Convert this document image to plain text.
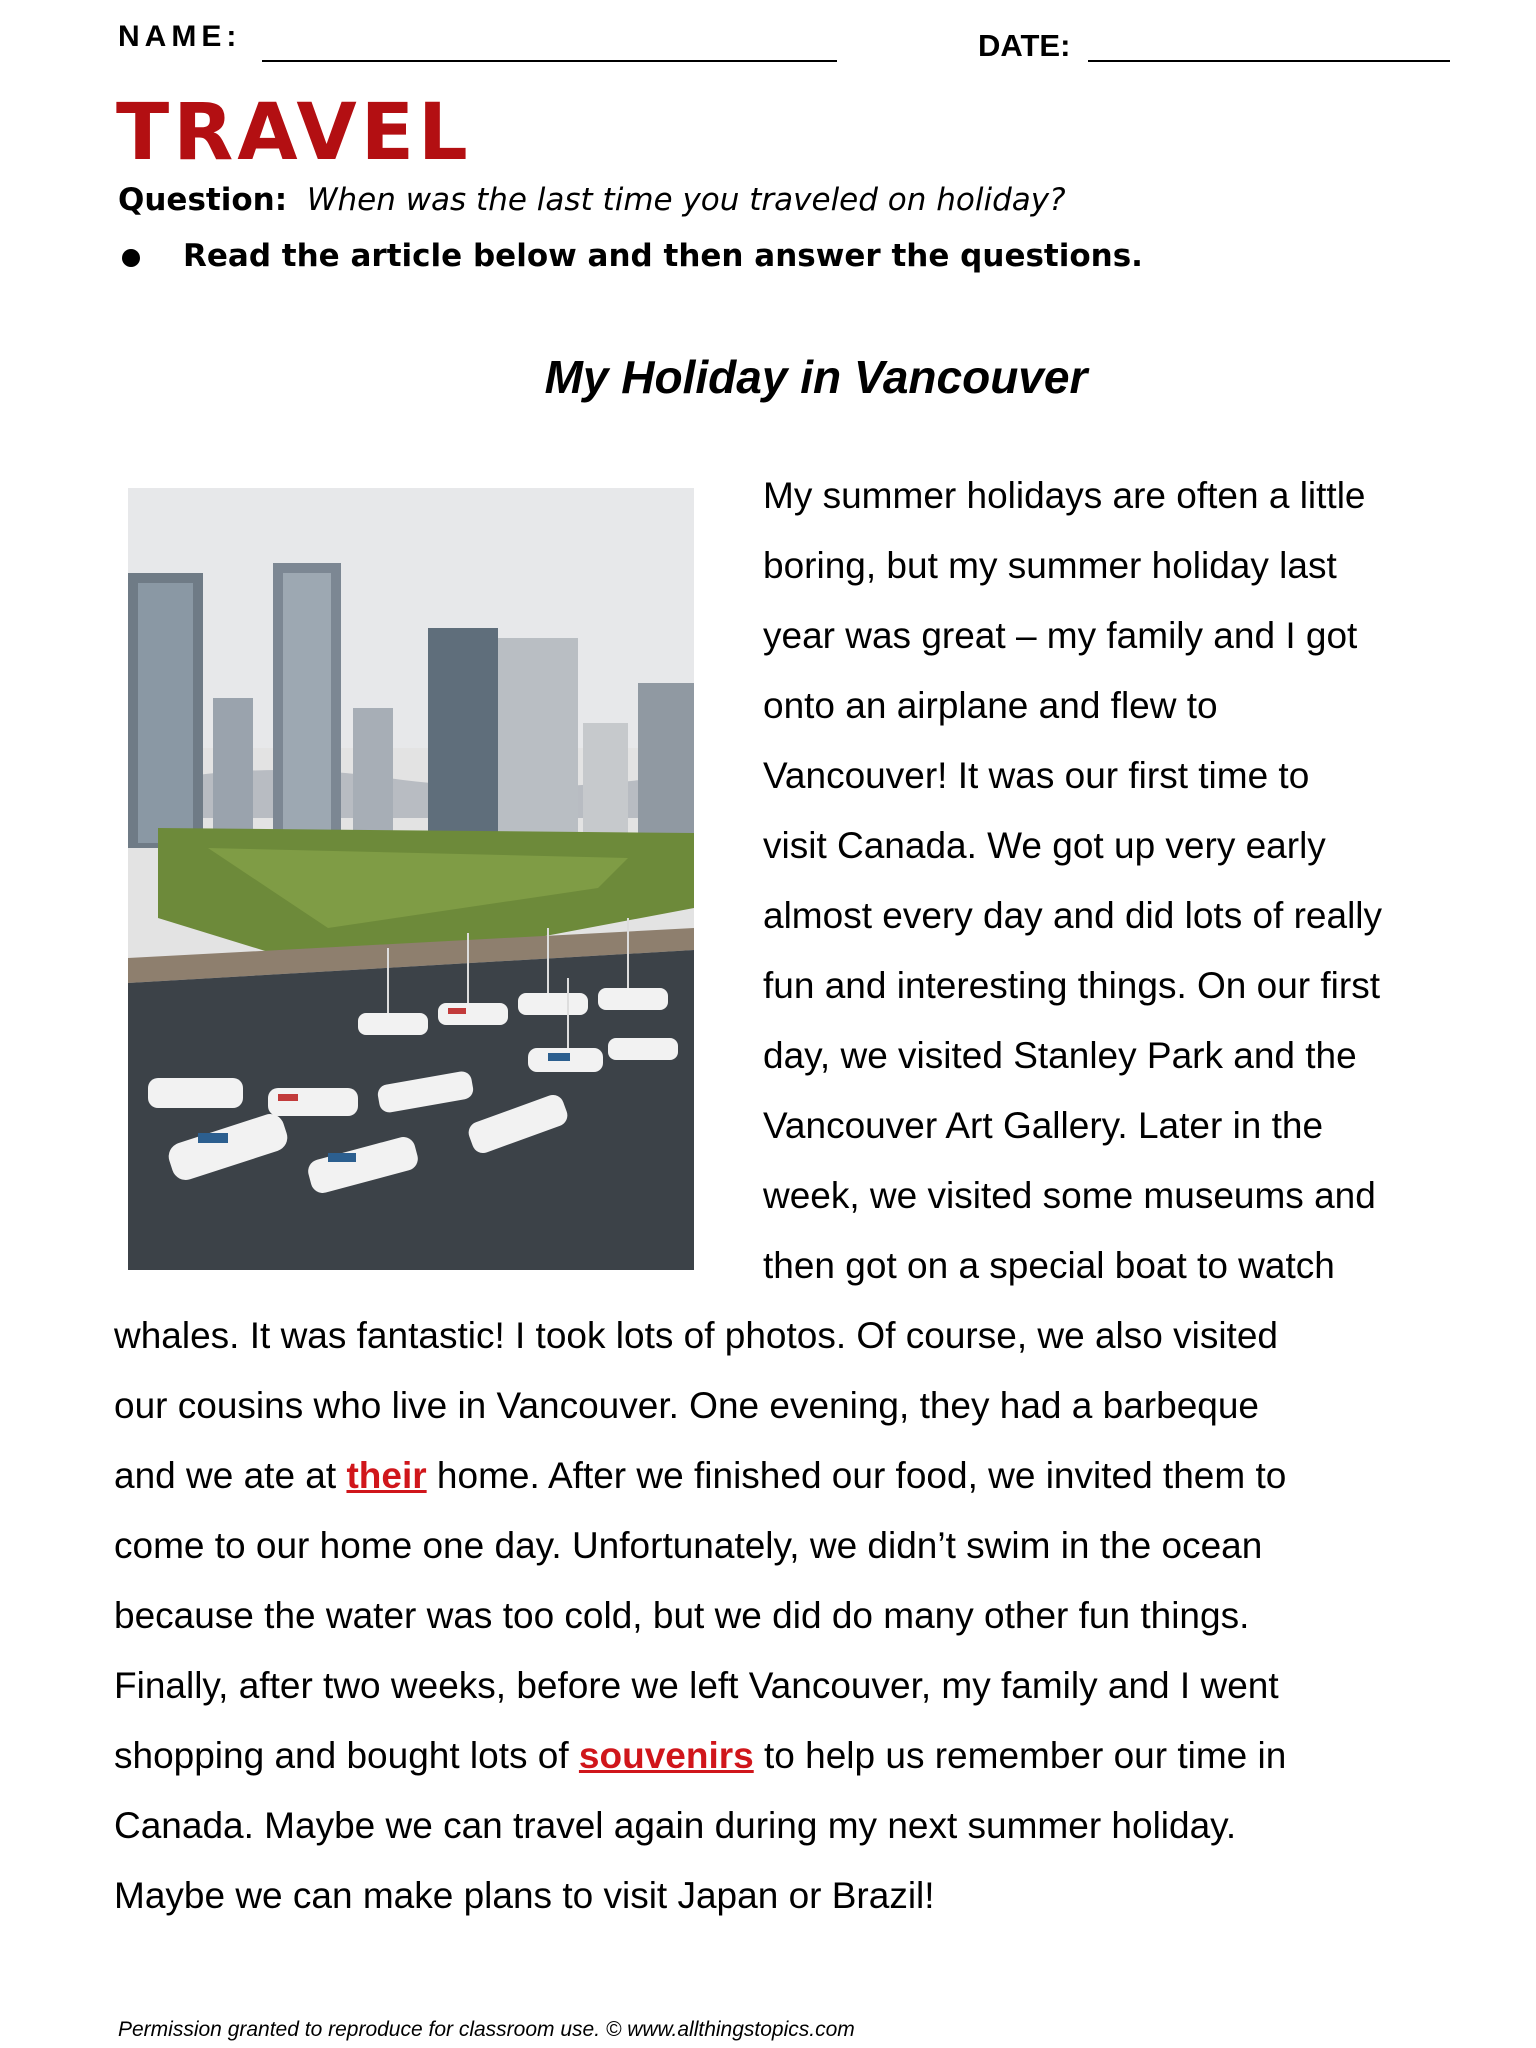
NAME:	DATE:
TRAVEL
Question: When was the last time you traveled on holiday?
Read the article below and then answer the questions.
My Holiday in Vancouver
My summer holidays are often a little
boring, but my summer holiday last
year was great – my family and I got
onto an airplane and flew to
Vancouver! It was our first time to
visit Canada. We got up very early
almost every day and did lots of really
fun and interesting things. On our first
day, we visited Stanley Park and the
Vancouver Art Gallery. Later in the
week, we visited some museums and
then got on a special boat to watch
whales. It was fantastic! I took lots of photos. Of course, we also visited
our cousins who live in Vancouver. One evening, they had a barbeque
and we ate at their home. After we finished our food, we invited them to
come to our home one day. Unfortunately, we didn’t swim in the ocean
because the water was too cold, but we did do many other fun things.
Finally, after two weeks, before we left Vancouver, my family and I went
shopping and bought lots of souvenirs to help us remember our time in
Canada. Maybe we can travel again during my next summer holiday.
Maybe we can make plans to visit Japan or Brazil!
Permission granted to reproduce for classroom use. © www.allthingstopics.com
